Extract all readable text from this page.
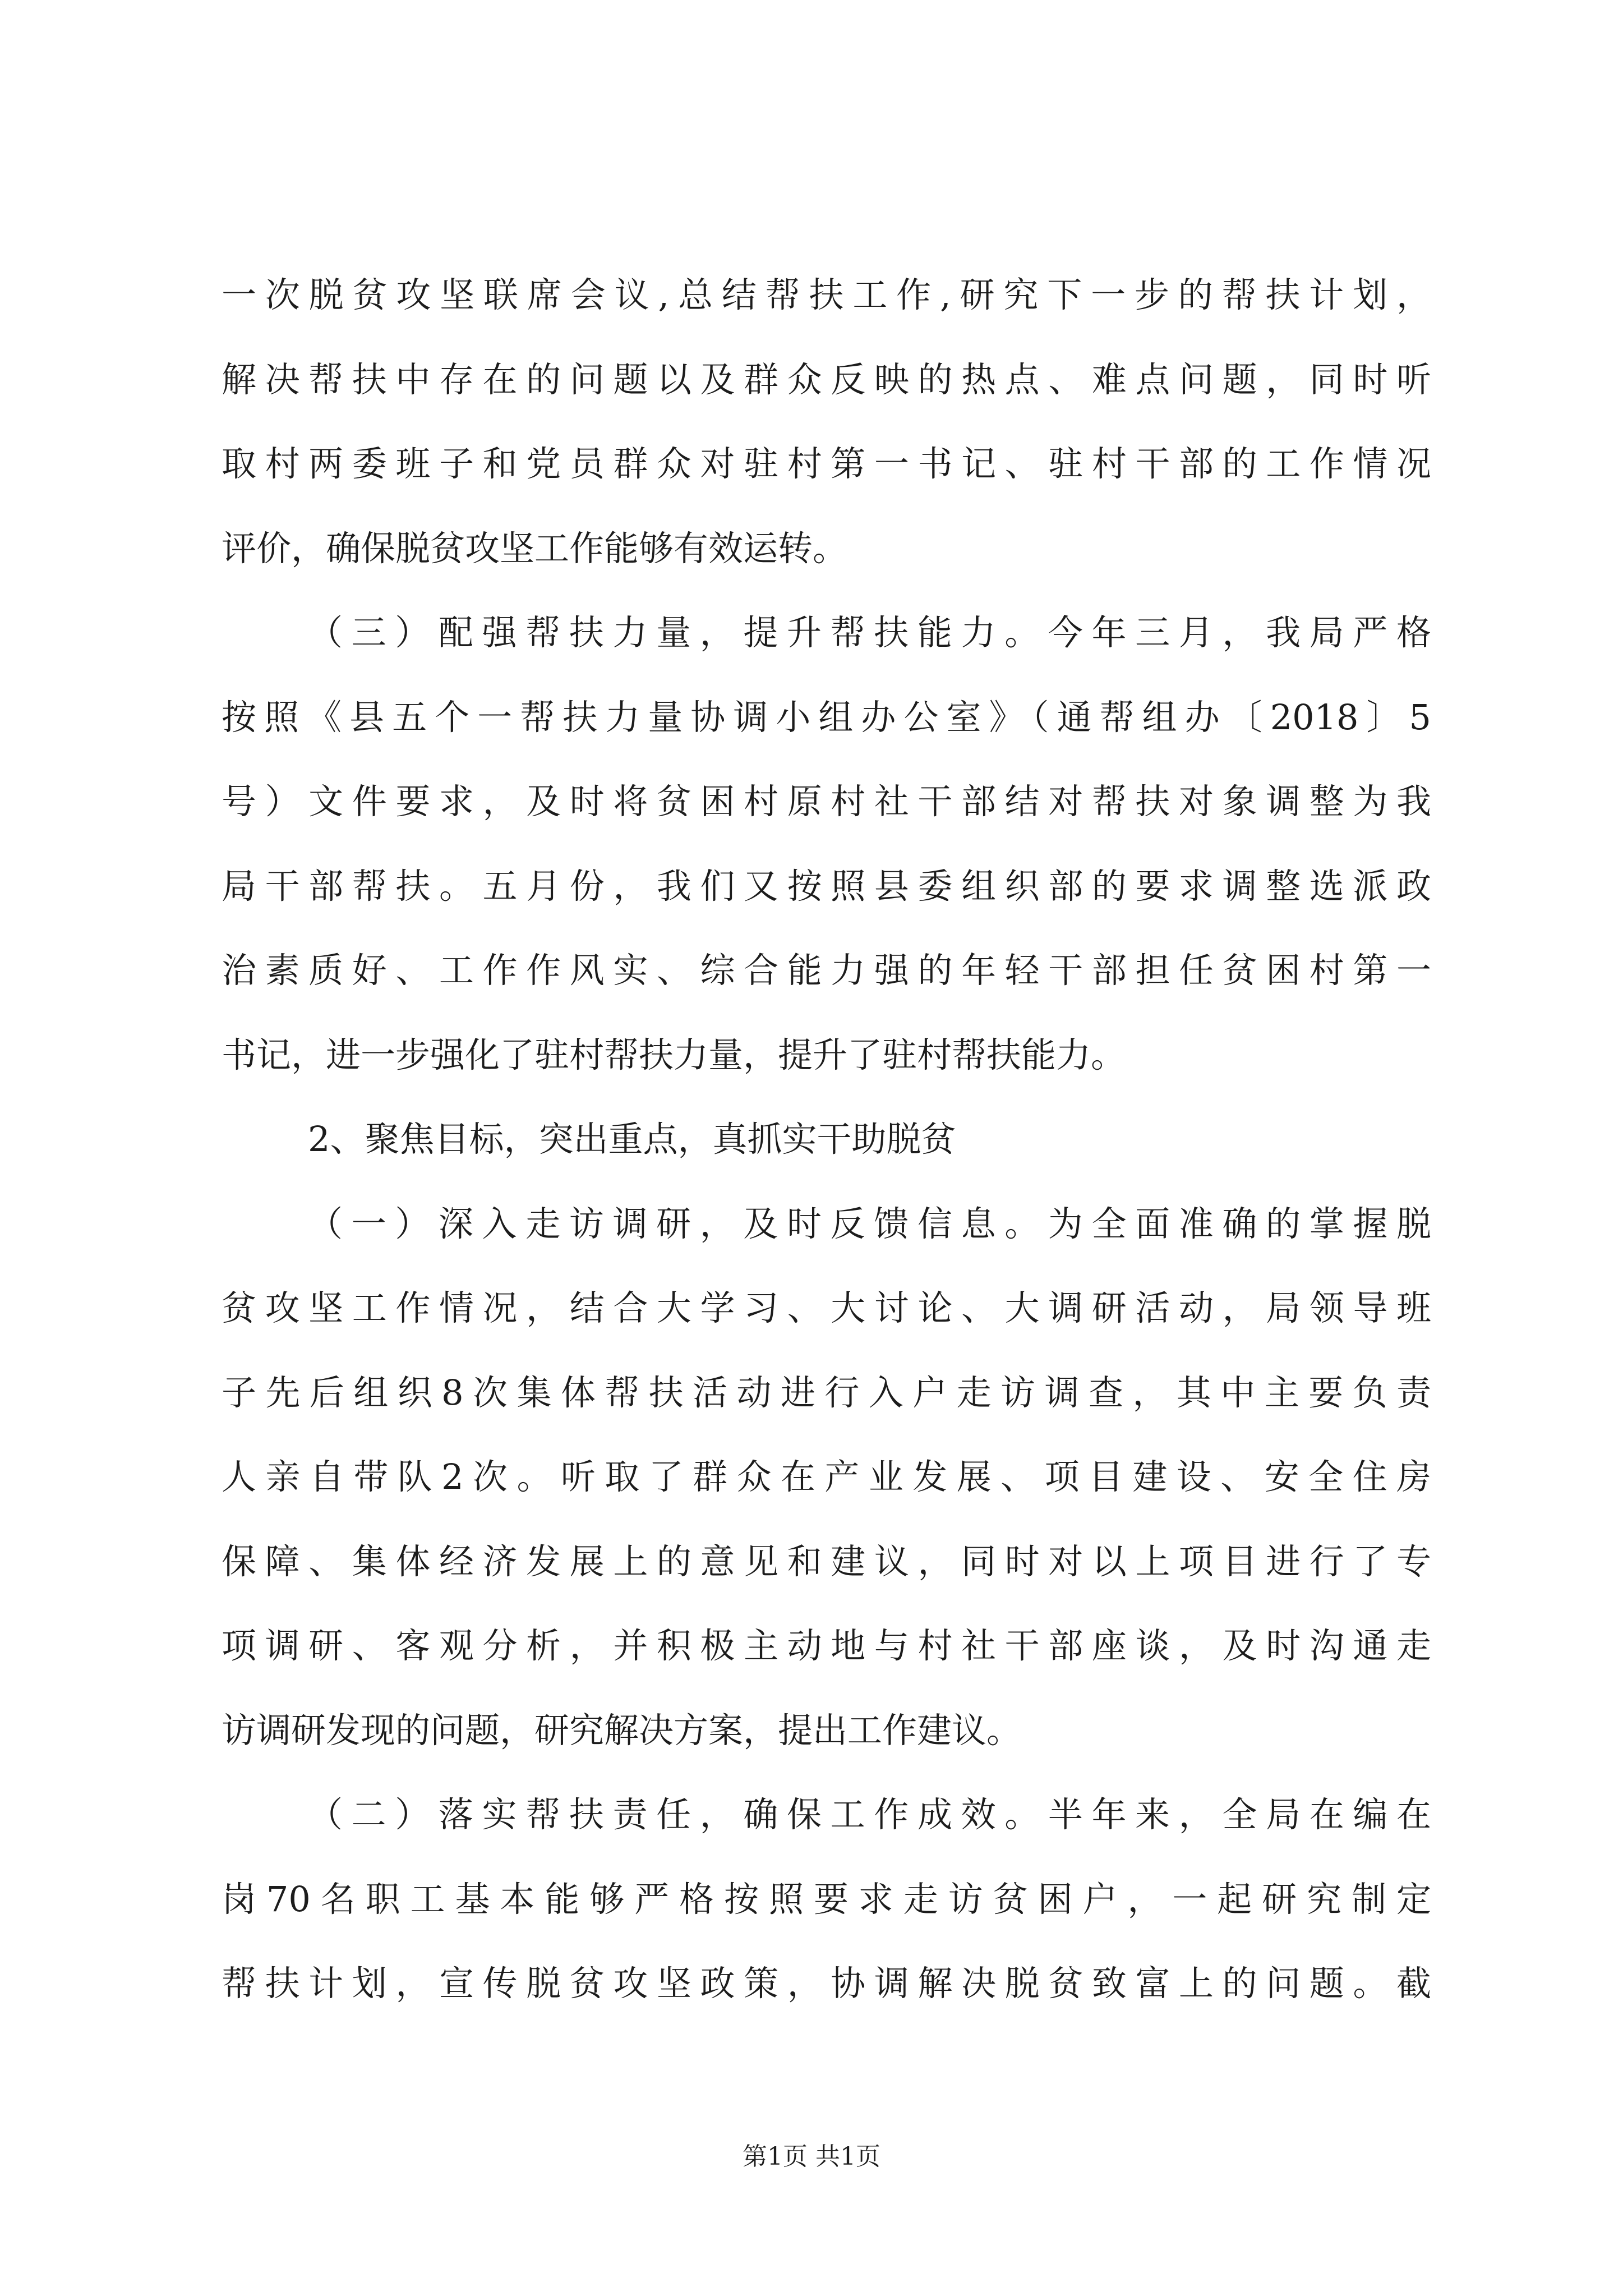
一次脱贫攻坚联席会议,总结帮扶工作,研究下一步的帮扶计划，

解决帮扶中存在的问题以及群众反映的热点、难点问题，同时听

取村两委班子和党员群众对驻村第一书记、驻村干部的工作情况

评价，确保脱贫攻坚工作能够有效运转。

（三）配强帮扶力量，提升帮扶能力。今年三月，我局严格

按照《县五个一帮扶力量协调小组办公室》（通帮组办〔2018〕5

号）文件要求，及时将贫困村原村社干部结对帮扶对象调整为我

局干部帮扶。五月份，我们又按照县委组织部的要求调整选派政

治素质好、工作作风实、综合能力强的年轻干部担任贫困村第一

书记，进一步强化了驻村帮扶力量，提升了驻村帮扶能力。

2、聚焦目标，突出重点，真抓实干助脱贫

（一）深入走访调研，及时反馈信息。为全面准确的掌握脱

贫攻坚工作情况，结合大学习、大讨论、大调研活动，局领导班

子先后组织8次集体帮扶活动进行入户走访调查，其中主要负责

人亲自带队2次。听取了群众在产业发展、项目建设、安全住房

保障、集体经济发展上的意见和建议，同时对以上项目进行了专

项调研、客观分析，并积极主动地与村社干部座谈，及时沟通走

访调研发现的问题，研究解决方案，提出工作建议。

（二）落实帮扶责任，确保工作成效。半年来，全局在编在

岗70名职工基本能够严格按照要求走访贫困户，一起研究制定

帮扶计划，宣传脱贫攻坚政策，协调解决脱贫致富上的问题。截

第1页 共1页
